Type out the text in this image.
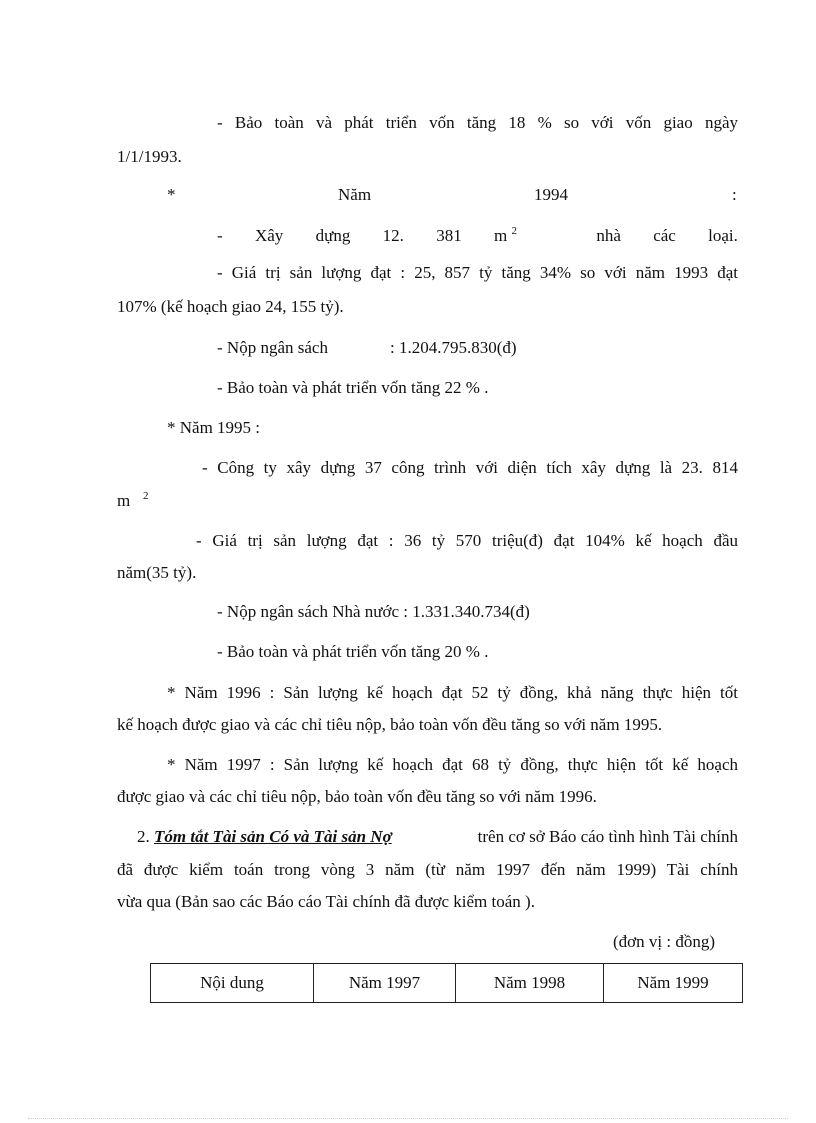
- Bảo toàn và phát triển vốn tăng 18 % so với vốn giao ngày
1/1/1993.
*	Năm	1994	:
- Xây dựng 12. 381 m $^2$	nhà các loại.
- Giá trị sản lượng đạt : 25, 857 tỷ tăng 34% so với năm 1993 đạt
107% (kế hoạch giao 24, 155 tỷ).
- Nộp ngân sách	: 1.204.795.830(đ)
- Bảo toàn và phát triển vốn tăng 22 % .
* Năm 1995 :
- Công ty xây dựng 37 công trình với diện tích xây dựng là 23. 814
m $^2$
- Giá trị sản lượng đạt : 36 tỷ 570 triệu(đ) đạt 104% kế hoạch đầu
năm(35 tỷ).
- Nộp ngân sách Nhà nước : 1.331.340.734(đ)
- Bảo toàn và phát triển vốn tăng 20 % .
* Năm 1996 : Sản lượng kế hoạch đạt 52 tỷ đồng, khả năng thực hiện tốt
kế hoạch được giao và các chỉ tiêu nộp, bảo toàn vốn đều tăng so với năm 1995.
* Năm 1997 : Sản lượng kế hoạch đạt 68 tỷ đồng, thực hiện tốt kế hoạch
được giao và các chỉ tiêu nộp, bảo toàn vốn đều tăng so với năm 1996.
2. Tóm tắt Tài sản Có và Tài sản Nợ	trên cơ sở Báo cáo tình hình Tài chính
đã được kiểm toán trong vòng 3 năm (từ năm 1997 đến năm 1999) Tài chính
vừa qua (Bản sao các Báo cáo Tài chính đã được kiểm toán ).
(đơn vị : đồng)
Nội dung	Năm 1997	Năm 1998	Năm 1999
